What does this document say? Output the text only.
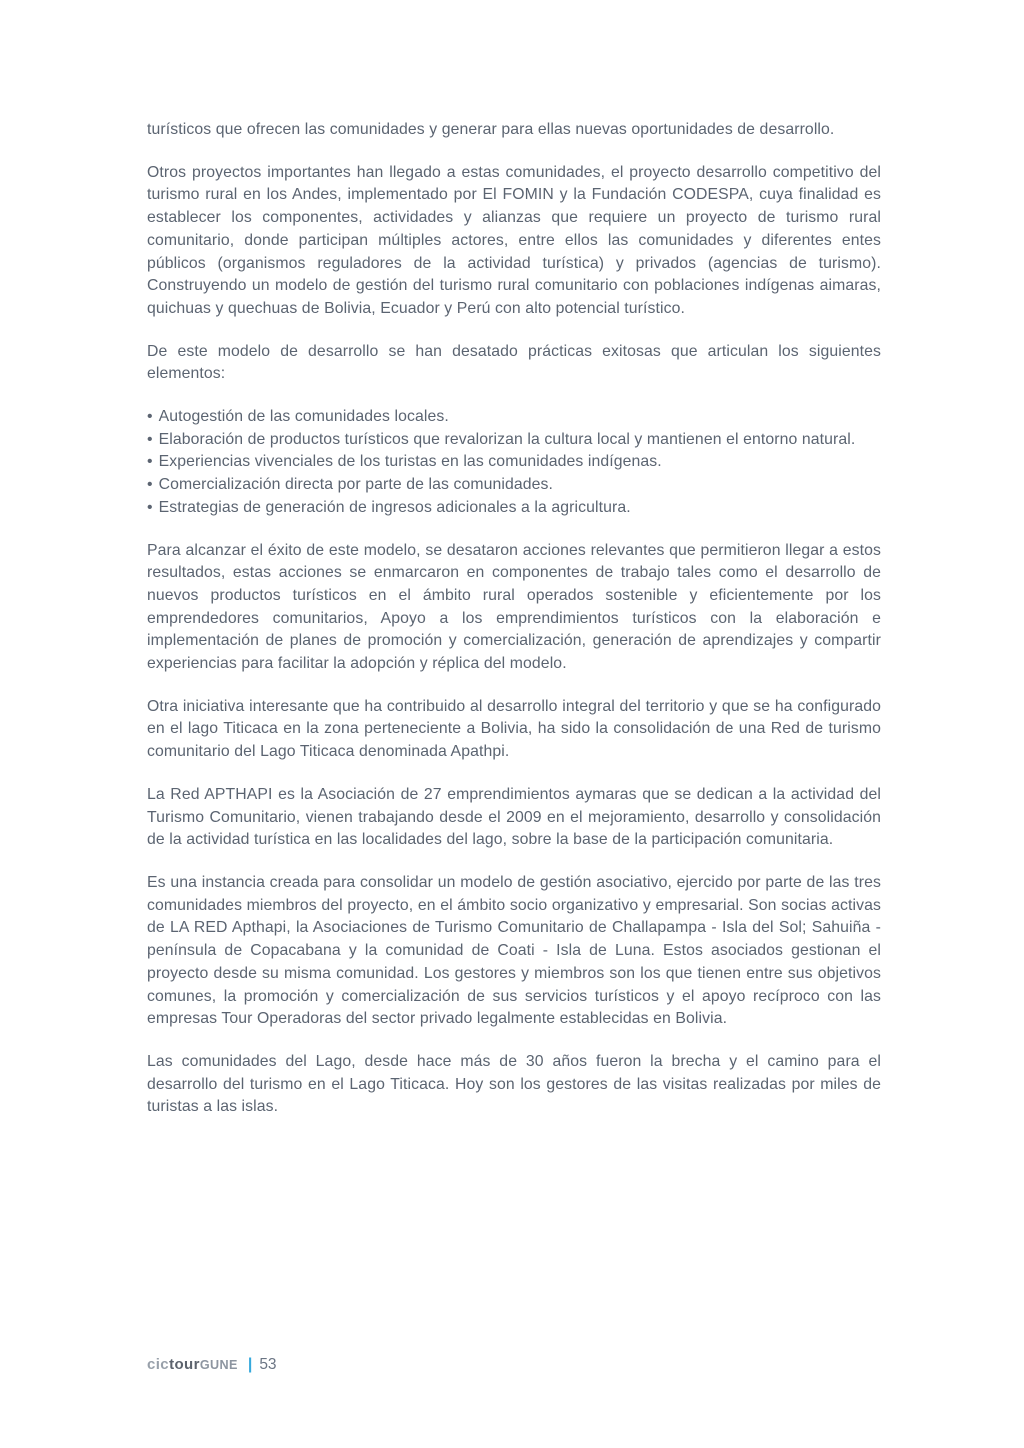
turísticos que ofrecen las comunidades y generar para ellas nuevas oportunidades de desarrollo.

Otros proyectos importantes han llegado a estas comunidades, el proyecto desarrollo competitivo del turismo rural en los Andes, implementado por El FOMIN y la Fundación CODESPA, cuya finalidad es establecer los componentes, actividades y alianzas que requiere un proyecto de turismo rural comunitario, donde participan múltiples actores, entre ellos las comunidades y diferentes entes públicos (organismos reguladores de la actividad turística) y privados (agencias de turismo). Construyendo un modelo de gestión del turismo rural comunitario con poblaciones indígenas aimaras, quichuas y quechuas de Bolivia, Ecuador y Perú con alto potencial turístico.

De este modelo de desarrollo se han desatado prácticas exitosas que articulan los siguientes elementos:

• Autogestión de las comunidades locales.

• Elaboración de productos turísticos que revalorizan la cultura local y mantienen el entorno natural.

• Experiencias vivenciales de los turistas en las comunidades indígenas.

• Comercialización directa por parte de las comunidades.

• Estrategias de generación de ingresos adicionales a la agricultura.

Para alcanzar el éxito de este modelo, se desataron acciones relevantes que permitieron llegar a estos resultados, estas acciones se enmarcaron en componentes de trabajo tales como el desarrollo de nuevos productos turísticos en el ámbito rural operados sostenible y eficientemente por los emprendedores comunitarios, Apoyo a los emprendimientos turísticos con la elaboración e implementación de planes de promoción y comercialización, generación de aprendizajes y compartir experiencias para facilitar la adopción y réplica del modelo.

Otra iniciativa interesante que ha contribuido al desarrollo integral del territorio y que se ha configurado en el lago Titicaca en la zona perteneciente a Bolivia, ha sido la consolidación de una Red de turismo comunitario del Lago Titicaca denominada Apathpi.

La Red APTHAPI es la Asociación de 27 emprendimientos aymaras que se dedican a la actividad del Turismo Comunitario, vienen trabajando desde el 2009 en el mejoramiento, desarrollo y consolidación de la actividad turística en las localidades del lago, sobre la base de la participación comunitaria.

Es una instancia creada para consolidar un modelo de gestión asociativo, ejercido por parte de las tres comunidades miembros del proyecto, en el ámbito socio organizativo y empresarial. Son socias activas de LA RED Apthapi, la Asociaciones de Turismo Comunitario de Challapampa - Isla del Sol; Sahuiña - península de Copacabana y la comunidad de Coati - Isla de Luna. Estos asociados gestionan el proyecto desde su misma comunidad. Los gestores y miembros son los que tienen entre sus objetivos comunes, la promoción y comercialización de sus servicios turísticos y el apoyo recíproco con las empresas Tour Operadoras del sector privado legalmente establecidas en Bolivia.

Las comunidades del Lago, desde hace más de 30 años fueron la brecha y el camino para el desarrollo del turismo en el Lago Titicaca. Hoy son los gestores de las visitas realizadas por miles de turistas a las islas.

cictourGUNE | 53
